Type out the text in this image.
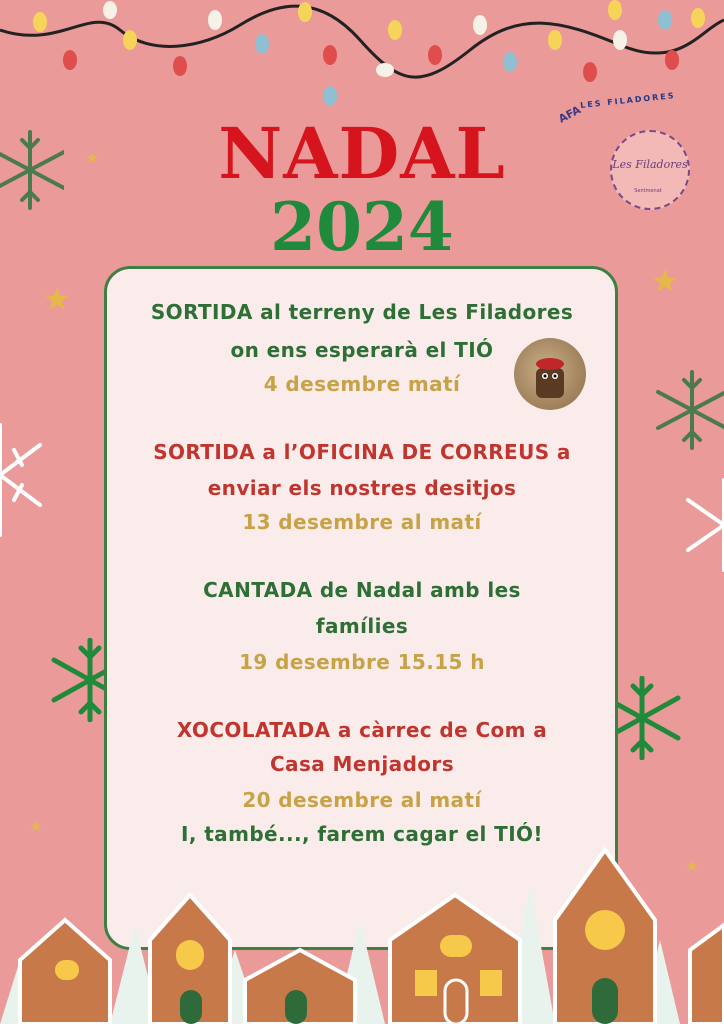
AFA
LES FILADORES
Les Filadores
Sentmenat
NADAL
2024
SORTIDA al terreny de Les Filadores
on ens esperarà el TIÓ
4 desembre matí
SORTIDA a l’OFICINA DE CORREUS a
enviar els nostres desitjos
13 desembre al matí
CANTADA de Nadal amb les
famílies
19 desembre 15.15 h
XOCOLATADA a càrrec de Com a
Casa Menjadors
20 desembre al matí
I, també..., farem cagar el TIÓ!
